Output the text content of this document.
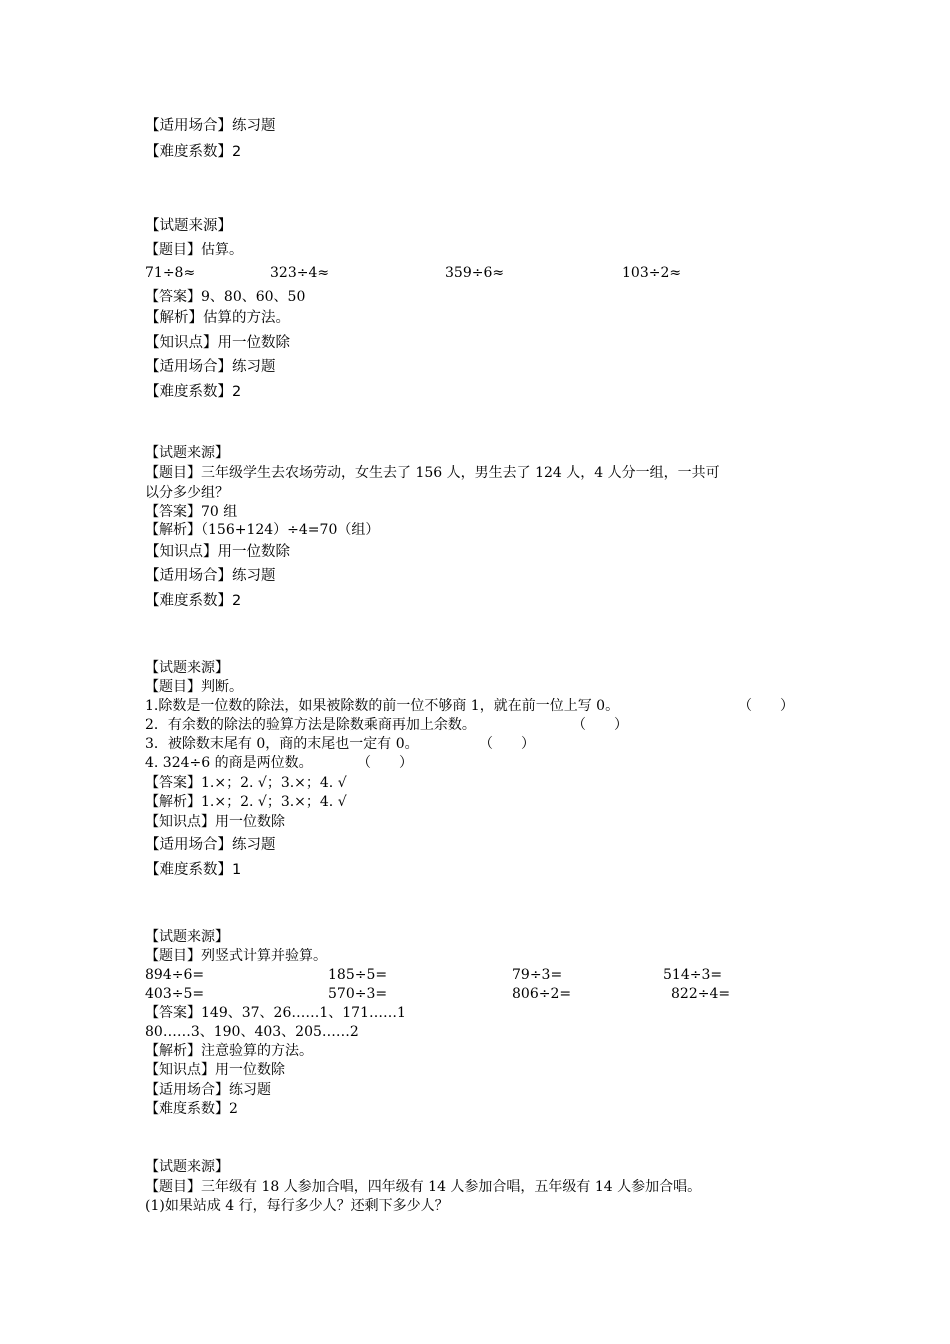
【适用场合】练习题
【难度系数】2
【试题来源】
【题目】估算。
71÷8≈	323÷4≈	359÷6≈	103÷2≈
【答案】9、80、60、50
【解析】估算的方法。
【知识点】用一位数除
【适用场合】练习题
【难度系数】2
【试题来源】
【题目】三年级学生去农场劳动，女生去了 156 人，男生去了 124 人，4 人分一组，一共可
以分多少组？
【答案】70 组
【解析】（156+124）÷4=70（组）
【知识点】用一位数除
【适用场合】练习题
【难度系数】2
【试题来源】
【题目】判断。
1.除数是一位数的除法，如果被除数的前一位不够商 1，就在前一位上写 0。	（　　）
2．有余数的除法的验算方法是除数乘商再加上余数。	（　　）
3．被除数末尾有 0，商的末尾也一定有 0。	（　　）
4. 324÷6 的商是两位数。	（　　）
【答案】1.×；2. √；3.×；4. √
【解析】1.×；2. √；3.×；4. √
【知识点】用一位数除
【适用场合】练习题
【难度系数】1
【试题来源】
【题目】列竖式计算并验算。
894÷6=	185÷5=	79÷3=	514÷3=
403÷5=	570÷3=	806÷2=	822÷4=
【答案】149、37、26……1、171……1
80……3、190、403、205……2
【解析】注意验算的方法。
【知识点】用一位数除
【适用场合】练习题
【难度系数】2
【试题来源】
【题目】三年级有 18 人参加合唱，四年级有 14 人参加合唱，五年级有 14 人参加合唱。
(1)如果站成 4 行，每行多少人？还剩下多少人？
